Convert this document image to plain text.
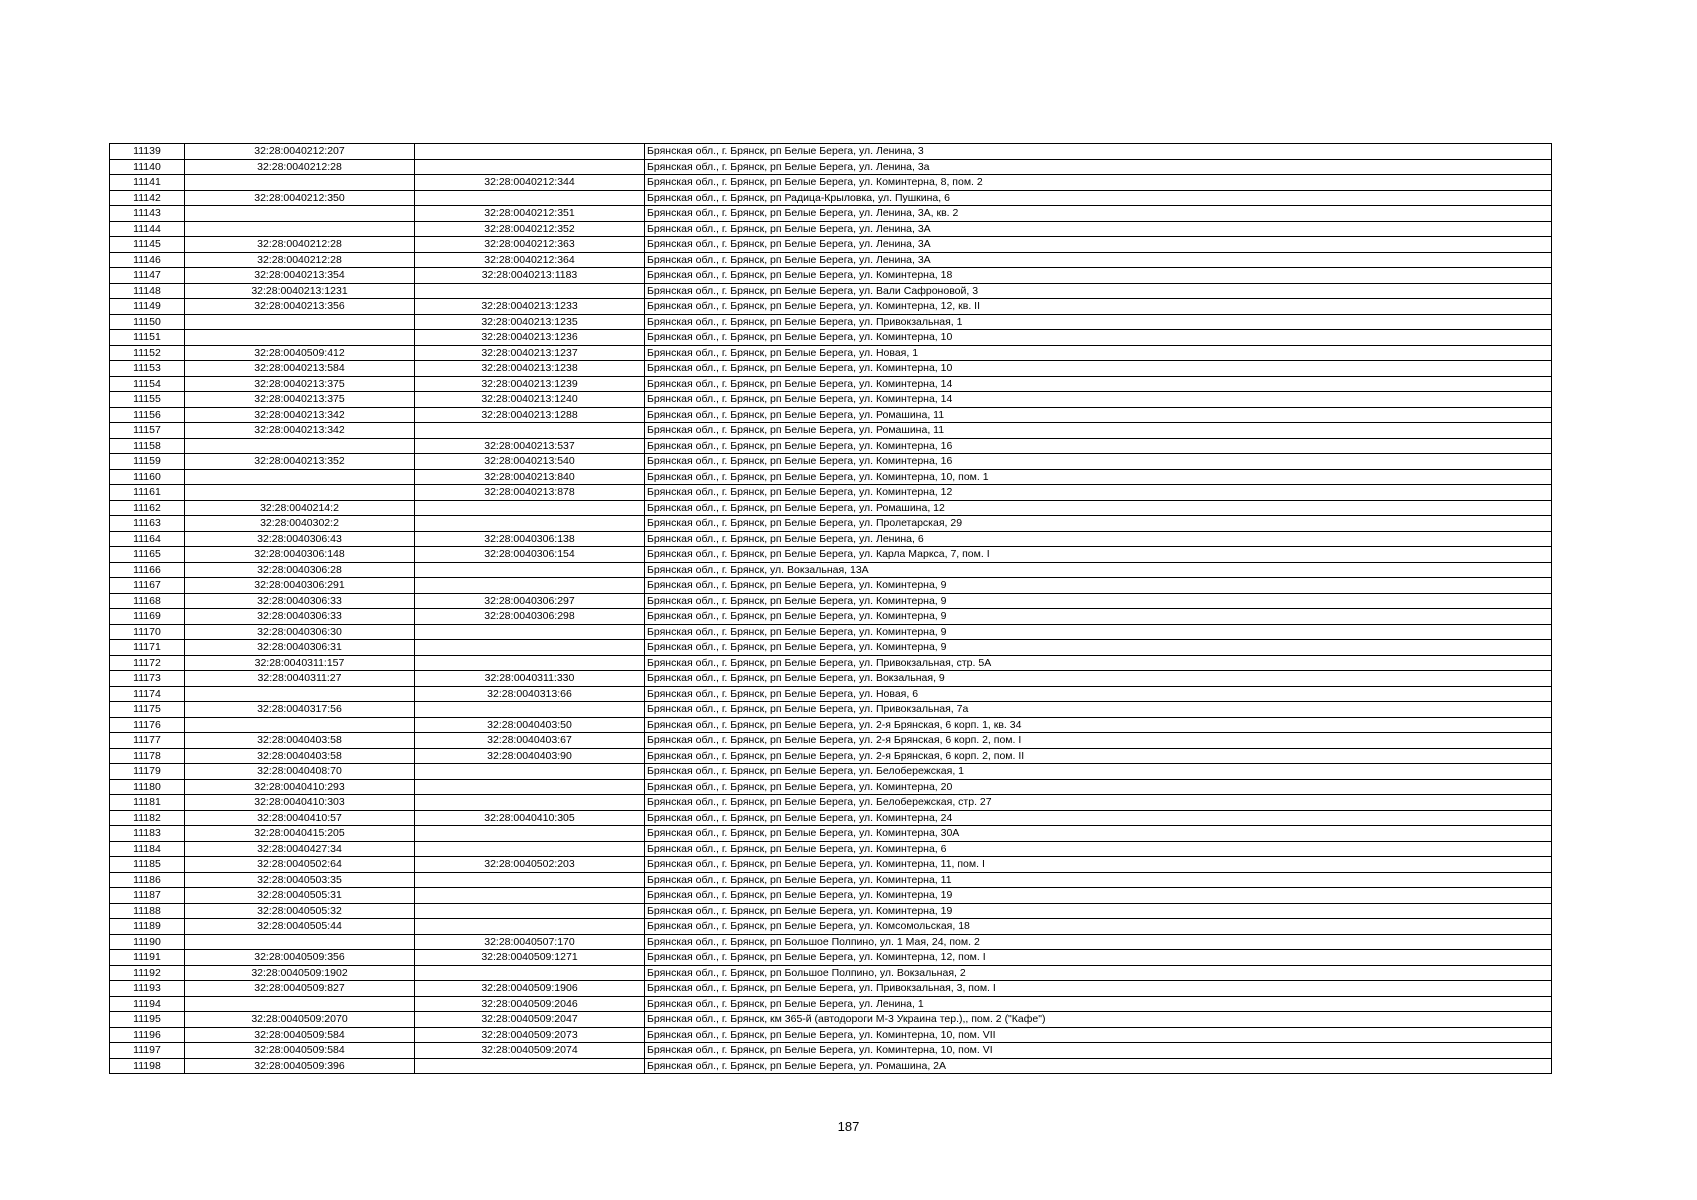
11139	32:28:0040212:207		Брянская обл., г. Брянск, рп Белые Берега, ул. Ленина, 3
11140	32:28:0040212:28		Брянская обл., г. Брянск, рп Белые Берега, ул. Ленина, 3а
11141		32:28:0040212:344	Брянская обл., г. Брянск, рп Белые Берега, ул. Коминтерна, 8, пом. 2
11142	32:28:0040212:350		Брянская обл., г. Брянск, рп Радица-Крыловка, ул. Пушкина, 6
11143		32:28:0040212:351	Брянская обл., г. Брянск, рп Белые Берега, ул. Ленина, 3А, кв. 2
11144		32:28:0040212:352	Брянская обл., г. Брянск, рп Белые Берега, ул. Ленина, 3А
11145	32:28:0040212:28	32:28:0040212:363	Брянская обл., г. Брянск, рп Белые Берега, ул. Ленина, 3А
11146	32:28:0040212:28	32:28:0040212:364	Брянская обл., г. Брянск, рп Белые Берега, ул. Ленина, 3А
11147	32:28:0040213:354	32:28:0040213:1183	Брянская обл., г. Брянск, рп Белые Берега, ул. Коминтерна, 18
11148	32:28:0040213:1231		Брянская обл., г. Брянск, рп Белые Берега, ул. Вали Сафроновой, 3
11149	32:28:0040213:356	32:28:0040213:1233	Брянская обл., г. Брянск, рп Белые Берега, ул. Коминтерна, 12, кв. II
11150		32:28:0040213:1235	Брянская обл., г. Брянск, рп Белые Берега, ул. Привокзальная, 1
11151		32:28:0040213:1236	Брянская обл., г. Брянск, рп Белые Берега, ул. Коминтерна, 10
11152	32:28:0040509:412	32:28:0040213:1237	Брянская обл., г. Брянск, рп Белые Берега, ул. Новая, 1
11153	32:28:0040213:584	32:28:0040213:1238	Брянская обл., г. Брянск, рп Белые Берега, ул. Коминтерна, 10
11154	32:28:0040213:375	32:28:0040213:1239	Брянская обл., г. Брянск, рп Белые Берега, ул. Коминтерна, 14
11155	32:28:0040213:375	32:28:0040213:1240	Брянская обл., г. Брянск, рп Белые Берега, ул. Коминтерна, 14
11156	32:28:0040213:342	32:28:0040213:1288	Брянская обл., г. Брянск, рп Белые Берега, ул. Ромашина, 11
11157	32:28:0040213:342		Брянская обл., г. Брянск, рп Белые Берега, ул. Ромашина, 11
11158		32:28:0040213:537	Брянская обл., г. Брянск, рп Белые Берега, ул. Коминтерна, 16
11159	32:28:0040213:352	32:28:0040213:540	Брянская обл., г. Брянск, рп Белые Берега, ул. Коминтерна, 16
11160		32:28:0040213:840	Брянская обл., г. Брянск, рп Белые Берега, ул. Коминтерна, 10, пом. 1
11161		32:28:0040213:878	Брянская обл., г. Брянск, рп Белые Берега, ул. Коминтерна, 12
11162	32:28:0040214:2		Брянская обл., г. Брянск, рп Белые Берега, ул. Ромашина, 12
11163	32:28:0040302:2		Брянская обл., г. Брянск, рп Белые Берега, ул. Пролетарская, 29
11164	32:28:0040306:43	32:28:0040306:138	Брянская обл., г. Брянск, рп Белые Берега, ул. Ленина, 6
11165	32:28:0040306:148	32:28:0040306:154	Брянская обл., г. Брянск, рп Белые Берега, ул. Карла Маркса, 7, пом. I
11166	32:28:0040306:28		Брянская обл., г. Брянск, ул. Вокзальная, 13А
11167	32:28:0040306:291		Брянская обл., г. Брянск, рп Белые Берега, ул. Коминтерна, 9
11168	32:28:0040306:33	32:28:0040306:297	Брянская обл., г. Брянск, рп Белые Берега, ул. Коминтерна, 9
11169	32:28:0040306:33	32:28:0040306:298	Брянская обл., г. Брянск, рп Белые Берега, ул. Коминтерна, 9
11170	32:28:0040306:30		Брянская обл., г. Брянск, рп Белые Берега, ул. Коминтерна, 9
11171	32:28:0040306:31		Брянская обл., г. Брянск, рп Белые Берега, ул. Коминтерна, 9
11172	32:28:0040311:157		Брянская обл., г. Брянск, рп Белые Берега, ул. Привокзальная, стр. 5А
11173	32:28:0040311:27	32:28:0040311:330	Брянская обл., г. Брянск, рп Белые Берега, ул. Вокзальная, 9
11174		32:28:0040313:66	Брянская обл., г. Брянск, рп Белые Берега, ул. Новая, 6
11175	32:28:0040317:56		Брянская обл., г. Брянск, рп Белые Берега, ул. Привокзальная, 7а
11176		32:28:0040403:50	Брянская обл., г. Брянск, рп Белые Берега, ул. 2-я Брянская, 6 корп. 1, кв. 34
11177	32:28:0040403:58	32:28:0040403:67	Брянская обл., г. Брянск, рп Белые Берега, ул. 2-я Брянская, 6 корп. 2, пом. I
11178	32:28:0040403:58	32:28:0040403:90	Брянская обл., г. Брянск, рп Белые Берега, ул. 2-я Брянская, 6 корп. 2, пом. II
11179	32:28:0040408:70		Брянская обл., г. Брянск, рп Белые Берега, ул. Белобережская, 1
11180	32:28:0040410:293		Брянская обл., г. Брянск, рп Белые Берега, ул. Коминтерна, 20
11181	32:28:0040410:303		Брянская обл., г. Брянск, рп Белые Берега, ул. Белобережская, стр. 27
11182	32:28:0040410:57	32:28:0040410:305	Брянская обл., г. Брянск, рп Белые Берега, ул. Коминтерна, 24
11183	32:28:0040415:205		Брянская обл., г. Брянск, рп Белые Берега, ул. Коминтерна, 30А
11184	32:28:0040427:34		Брянская обл., г. Брянск, рп Белые Берега, ул. Коминтерна, 6
11185	32:28:0040502:64	32:28:0040502:203	Брянская обл., г. Брянск, рп Белые Берега, ул. Коминтерна, 11, пом. I
11186	32:28:0040503:35		Брянская обл., г. Брянск, рп Белые Берега, ул. Коминтерна, 11
11187	32:28:0040505:31		Брянская обл., г. Брянск, рп Белые Берега, ул. Коминтерна, 19
11188	32:28:0040505:32		Брянская обл., г. Брянск, рп Белые Берега, ул. Коминтерна, 19
11189	32:28:0040505:44		Брянская обл., г. Брянск, рп Белые Берега, ул. Комсомольская, 18
11190		32:28:0040507:170	Брянская обл., г. Брянск, рп Большое Полпино, ул. 1 Мая, 24, пом. 2
11191	32:28:0040509:356	32:28:0040509:1271	Брянская обл., г. Брянск, рп Белые Берега, ул. Коминтерна, 12, пом. I
11192	32:28:0040509:1902		Брянская обл., г. Брянск, рп Большое Полпино, ул. Вокзальная, 2
11193	32:28:0040509:827	32:28:0040509:1906	Брянская обл., г. Брянск, рп Белые Берега, ул. Привокзальная, 3, пом. I
11194		32:28:0040509:2046	Брянская обл., г. Брянск, рп Белые Берега, ул. Ленина, 1
11195	32:28:0040509:2070	32:28:0040509:2047	Брянская обл., г. Брянск, км 365-й (автодороги М-3 Украина тер.),, пом. 2 ("Кафе")
11196	32:28:0040509:584	32:28:0040509:2073	Брянская обл., г. Брянск, рп Белые Берега, ул. Коминтерна, 10, пом. VII
11197	32:28:0040509:584	32:28:0040509:2074	Брянская обл., г. Брянск, рп Белые Берега, ул. Коминтерна, 10, пом. VI
11198	32:28:0040509:396		Брянская обл., г. Брянск, рп Белые Берега, ул. Ромашина, 2А
187
